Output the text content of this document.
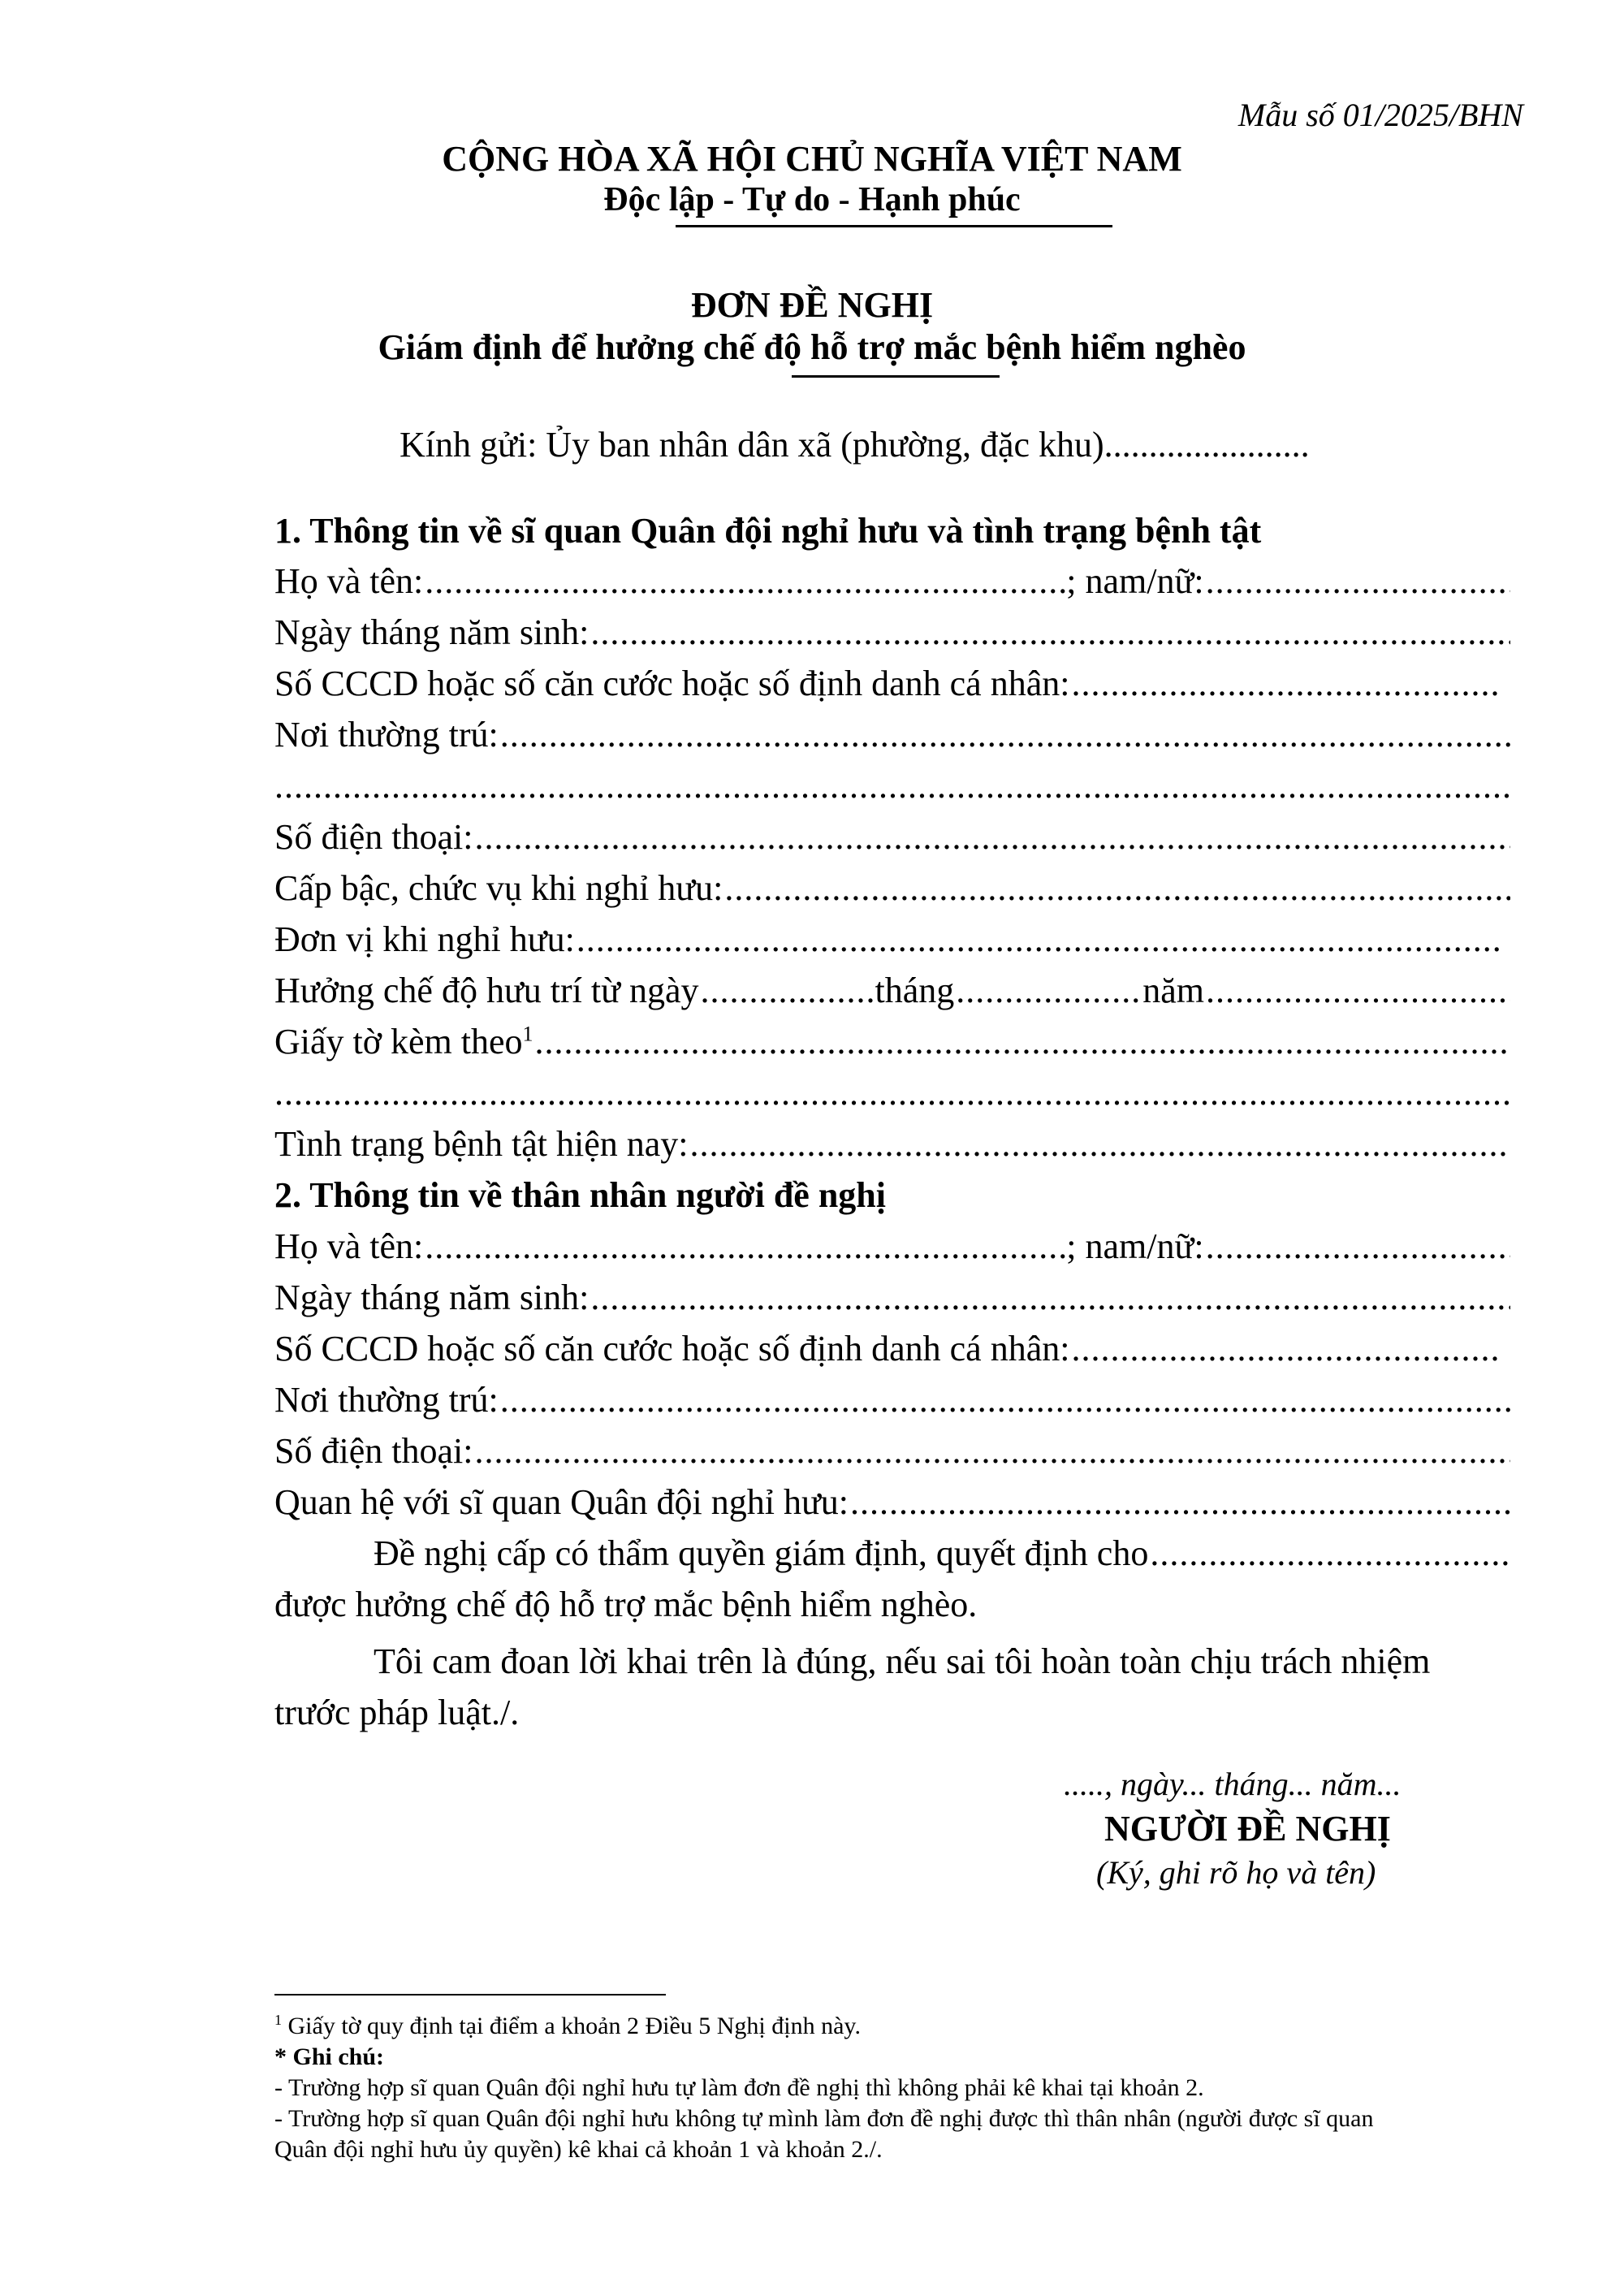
Mẫu số 01/2025/BHN
CỘNG HÒA XÃ HỘI CHỦ NGHĨA VIỆT NAM
Độc lập - Tự do - Hạnh phúc
ĐƠN ĐỀ NGHỊ
Giám định để hưởng chế độ hỗ trợ mắc bệnh hiểm nghèo
Kính gửi: Ủy ban nhân dân xã (phường, đặc khu).......................
1. Thông tin về sĩ quan Quân đội nghỉ hưu và tình trạng bệnh tật
Họ và tên: .....	; nam/nữ:
.....
Ngày tháng năm sinh:
.....
Số CCCD hoặc số căn cước hoặc số định danh cá nhân:
.....
Nơi thường trú:
.....
.....
Số điện thoại:
.....
Cấp bậc, chức vụ khi nghỉ hưu:
.....
Đơn vị khi nghỉ hưu:
.....
Hưởng chế độ hưu trí từ ngày .....	tháng .....	năm
.....
Giấy tờ kèm theo$^1$
.....
.....
Tình trạng bệnh tật hiện nay:
.....
2. Thông tin về thân nhân người đề nghị
Họ và tên: .....	; nam/nữ:
.....
Ngày tháng năm sinh:
.....
Số CCCD hoặc số căn cước hoặc số định danh cá nhân:
.....
Nơi thường trú:
.....
Số điện thoại:
.....
Quan hệ với sĩ quan Quân đội nghỉ hưu:
.....
Đề nghị cấp có thẩm quyền giám định, quyết định cho
.....
được hưởng chế độ hỗ trợ mắc bệnh hiểm nghèo.
Tôi cam đoan lời khai trên là đúng, nếu sai tôi hoàn toàn chịu trách nhiệm
trước pháp luật./.
....., ngày... tháng... năm...
NGƯỜI ĐỀ NGHỊ
(Ký, ghi rõ họ và tên)
$^1$ Giấy tờ quy định tại điểm a khoản 2 Điều 5 Nghị định này.
* Ghi chú:
- Trường hợp sĩ quan Quân đội nghỉ hưu tự làm đơn đề nghị thì không phải kê khai tại khoản 2.
- Trường hợp sĩ quan Quân đội nghỉ hưu không tự mình làm đơn đề nghị được thì thân nhân (người được sĩ quan
Quân đội nghỉ hưu ủy quyền) kê khai cả khoản 1 và khoản 2./.
